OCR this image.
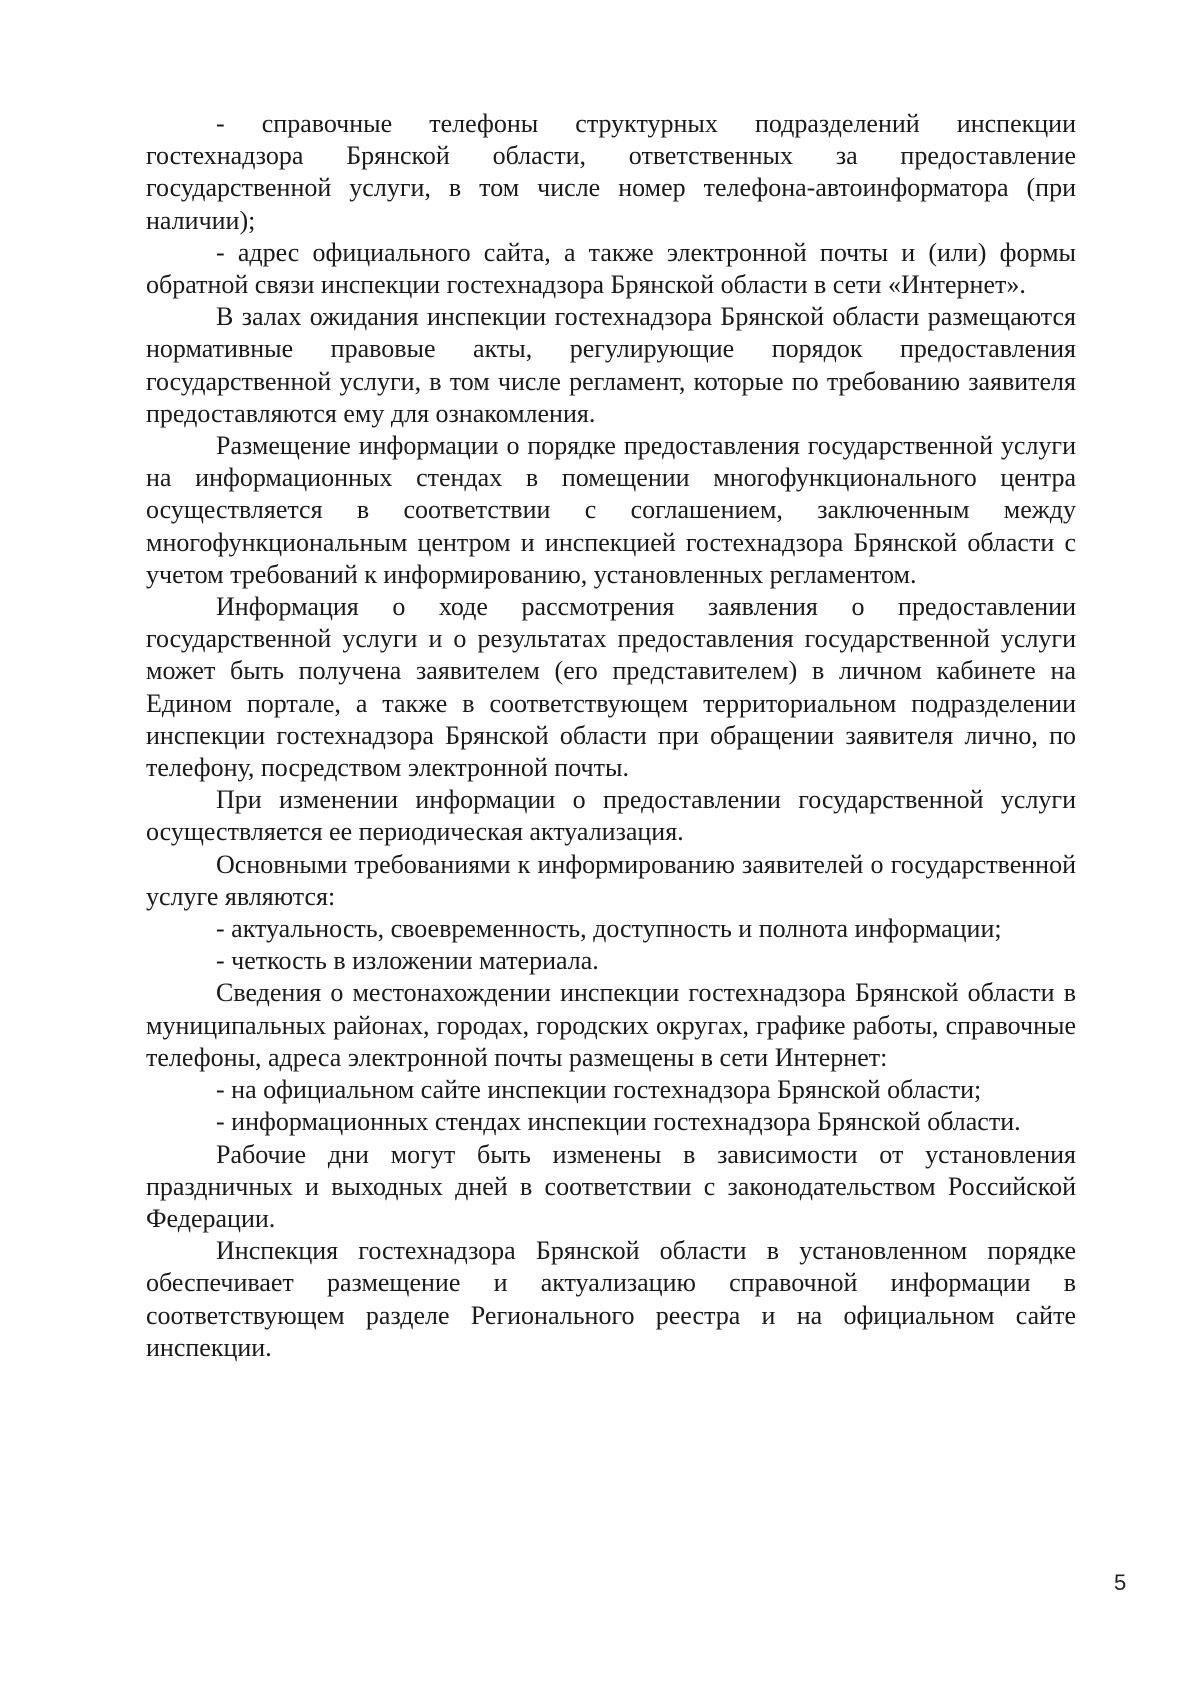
- справочные телефоны структурных подразделений инспекции гостехнадзора Брянской области, ответственных за предоставление государственной услуги, в том числе номер телефона-автоинформатора (при наличии);

- адрес официального сайта, а также электронной почты и (или) формы обратной связи инспекции гостехнадзора Брянской области в сети «Интернет».

В залах ожидания инспекции гостехнадзора Брянской области размещаются нормативные правовые акты, регулирующие порядок предоставления государственной услуги, в том числе регламент, которые по требованию заявителя предоставляются ему для ознакомления.

Размещение информации о порядке предоставления государственной услуги на информационных стендах в помещении многофункционального центра осуществляется в соответствии с соглашением, заключенным между многофункциональным центром и инспекцией гостехнадзора Брянской области с учетом требований к информированию, установленных регламентом.

Информация о ходе рассмотрения заявления о предоставлении государственной услуги и о результатах предоставления государственной услуги может быть получена заявителем (его представителем) в личном кабинете на Едином портале, а также в соответствующем территориальном подразделении инспекции гостехнадзора Брянской области при обращении заявителя лично, по телефону, посредством электронной почты.

При изменении информации о предоставлении государственной услуги осуществляется ее периодическая актуализация.

Основными требованиями к информированию заявителей о государственной услуге являются:

- актуальность, своевременность, доступность и полнота информации;

- четкость в изложении материала.

Сведения о местонахождении инспекции гостехнадзора Брянской области в муниципальных районах, городах, городских округах, графике работы, справочные телефоны, адреса электронной почты размещены в сети Интернет:

- на официальном сайте инспекции гостехнадзора Брянской области;

- информационных стендах инспекции гостехнадзора Брянской области.

Рабочие дни могут быть изменены в зависимости от установления праздничных и выходных дней в соответствии с законодательством Российской Федерации.

Инспекция гостехнадзора Брянской области в установленном порядке обеспечивает размещение и актуализацию справочной информации в соответствующем разделе Регионального реестра и на официальном сайте инспекции.

5
